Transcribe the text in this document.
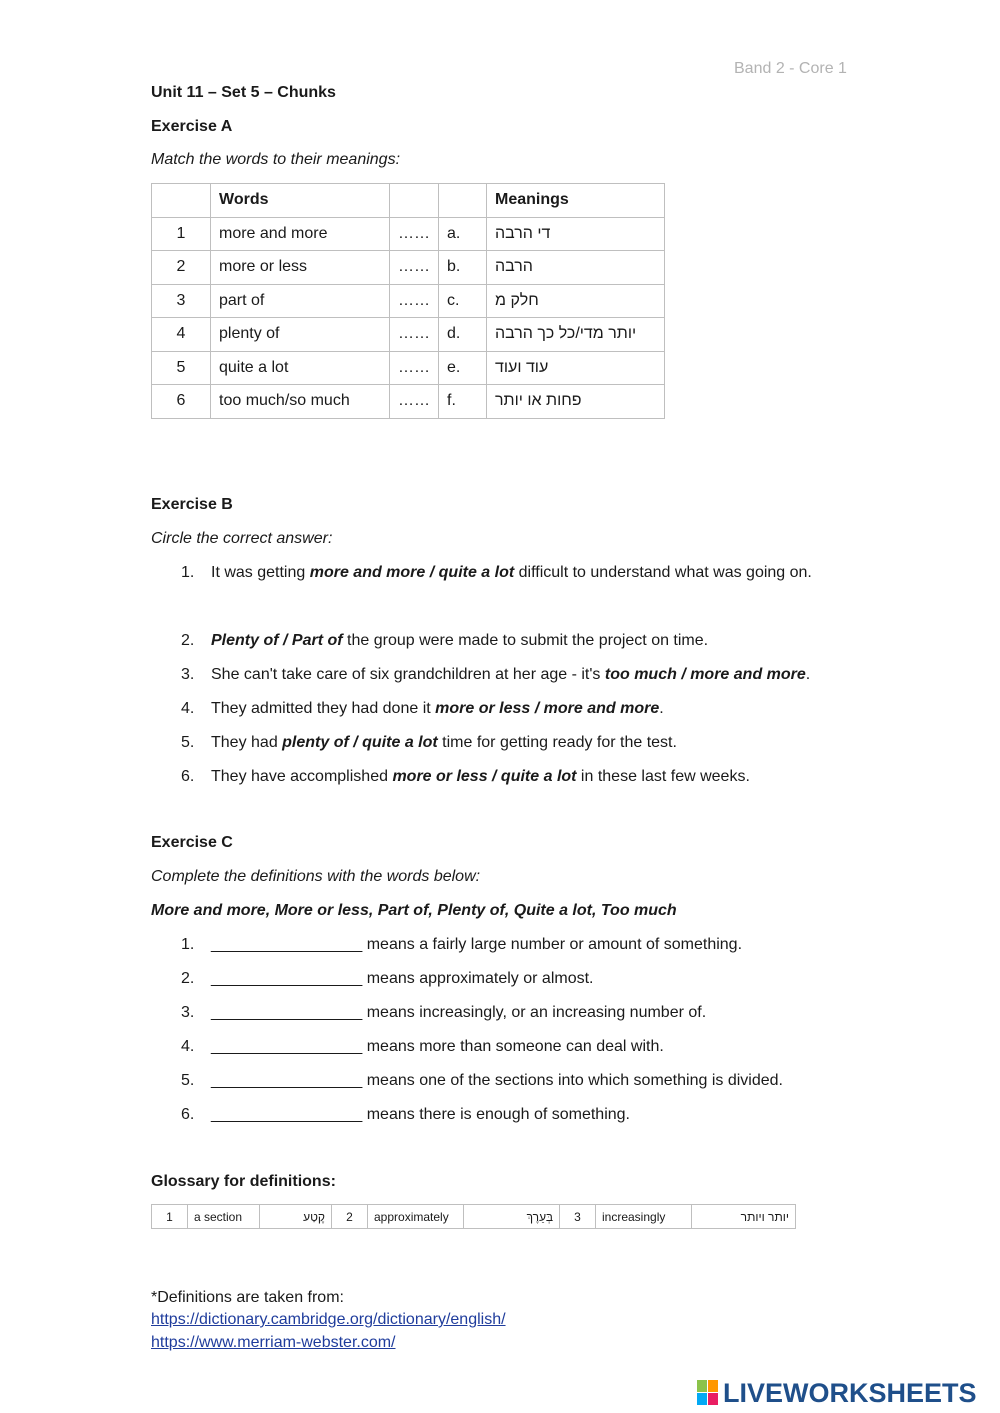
Band 2 - Core 1
Unit 11 – Set 5 – Chunks
Exercise A
Match the words to their meanings:
	Words			Meanings
1	more and more	……	a.	די הרבה
2	more or less	……	b.	הרבה
3	part of	……	c.	חלק מ
4	plenty of	……	d.	יותר מדי/כל כך הרבה
5	quite a lot	……	e.	עוד ועוד
6	too much/so much	……	f.	פחות או יותר
Exercise B
Circle the correct answer:
1. It was getting more and more / quite a lot difficult to understand what was going on.
2. Plenty of / Part of the group were made to submit the project on time.
3. She can't take care of six grandchildren at her age - it's too much / more and more.
4. They admitted they had done it more or less / more and more.
5. They had plenty of / quite a lot time for getting ready for the test.
6. They have accomplished more or less / quite a lot in these last few weeks.
Exercise C
Complete the definitions with the words below:
More and more, More or less, Part of, Plenty of, Quite a lot, Too much
1. _________________ means a fairly large number or amount of something.
2. _________________ means approximately or almost.
3. _________________ means increasingly, or an increasing number of.
4. _________________ means more than someone can deal with.
5. _________________ means one of the sections into which something is divided.
6. _________________ means there is enough of something.
Glossary for definitions:
1	a section	קֶטַע	2	approximately	בְּעֵרֶךְ	3	increasingly	יותר ויותר
*Definitions are taken from:
https://dictionary.cambridge.org/dictionary/english/
https://www.merriam-webster.com/
LIVEWORKSHEETS
